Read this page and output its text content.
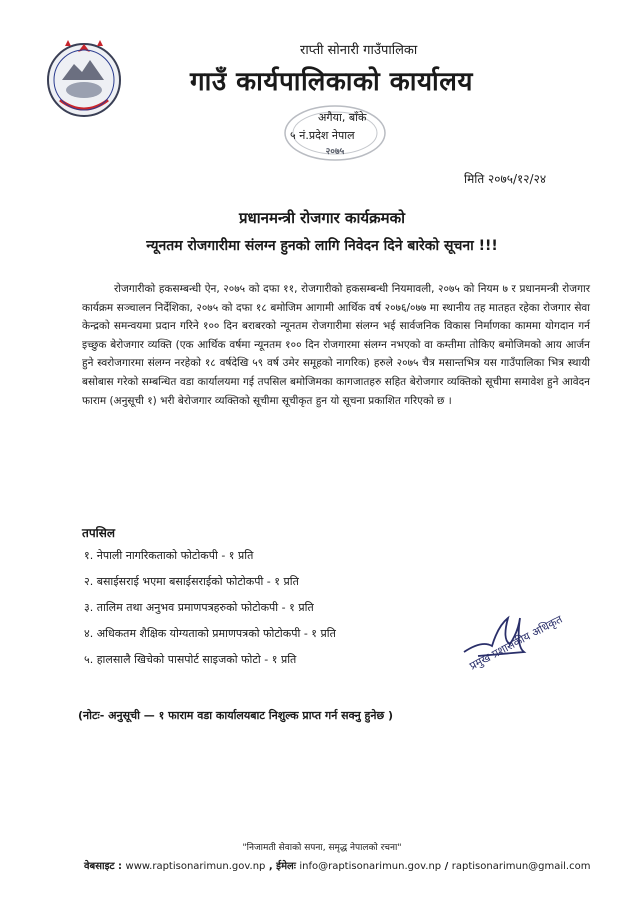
राप्ती सोनारी गाउँपालिका
गाउँ कार्यपालिकाको कार्यालय
२०७५
अगैया, बाँके
५ नं.प्रदेश नेपाल
मिति २०७५/१२/२४
प्रधानमन्त्री रोजगार कार्यक्रमको
न्यूनतम रोजगारीमा संलग्न हुनको लागि निवेदन दिने बारेको सूचना !!!

रोजगारीको हकसम्बन्धी ऐन, २०७५ को दफा ११, रोजगारीको हकसम्बन्धी नियमावली, २०७५ को नियम ७ र प्रधानमन्त्री रोजगार कार्यक्रम सञ्चालन निर्देशिका, २०७५ को दफा १८ बमोजिम आगामी आर्थिक वर्ष २०७६/०७७ मा स्थानीय तह मातहत रहेका रोजगार सेवा केन्द्रको समन्वयमा प्रदान गरिने १०० दिन बराबरको न्यूनतम रोजगारीमा संलग्न भई सार्वजनिक विकास निर्माणका काममा योगदान गर्न इच्छुक बेरोजगार व्यक्ति (एक आर्थिक वर्षमा न्यूनतम १०० दिन रोजगारमा संलग्न नभएको वा कम्तीमा तोकिए बमोजिमको आय आर्जन हुने स्वरोजगारमा संलग्न नरहेको १८ वर्षदेखि ५९ वर्ष उमेर समूहको नागरिक) हरुले २०७५ चैत्र मसान्तभित्र यस गाउँपालिका भित्र स्थायी बसोबास गरेको सम्बन्धित वडा कार्यालयमा गई तपसिल बमोजिमका कागजातहरु सहित बेरोजगार व्यक्तिको सूचीमा समावेश हुने आवेदन फाराम (अनुसूची १) भरी बेरोजगार व्यक्तिको सूचीमा सूचीकृत हुन यो सूचना प्रकाशित गरिएको छ ।

तपसिल
१. नेपाली नागरिकताको फोटोकपी - १ प्रति
२. बसाईसराई भएमा बसाईसराईको फोटोकपी - १ प्रति
३. तालिम तथा अनुभव प्रमाणपत्रहरुको फोटोकपी - १ प्रति
४. अधिकतम शैक्षिक योग्यताको प्रमाणपत्रको फोटोकपी - १ प्रति
५. हालसालै खिचेको पासपोर्ट साइजको फोटो - १ प्रति	प्रमुख प्रशासकीय अधिकृत
(नोटः- अनुसूची — १ फाराम वडा कार्यालयबाट निशुल्क प्राप्त गर्न सक्नु हुनेछ )
"निजामती सेवाको सपना, समृद्ध नेपालको रचना"
वेबसाइट : www.raptisonarimun.gov.np , ईमेलः info@raptisonarimun.gov.np / raptisonarimun@gmail.com
